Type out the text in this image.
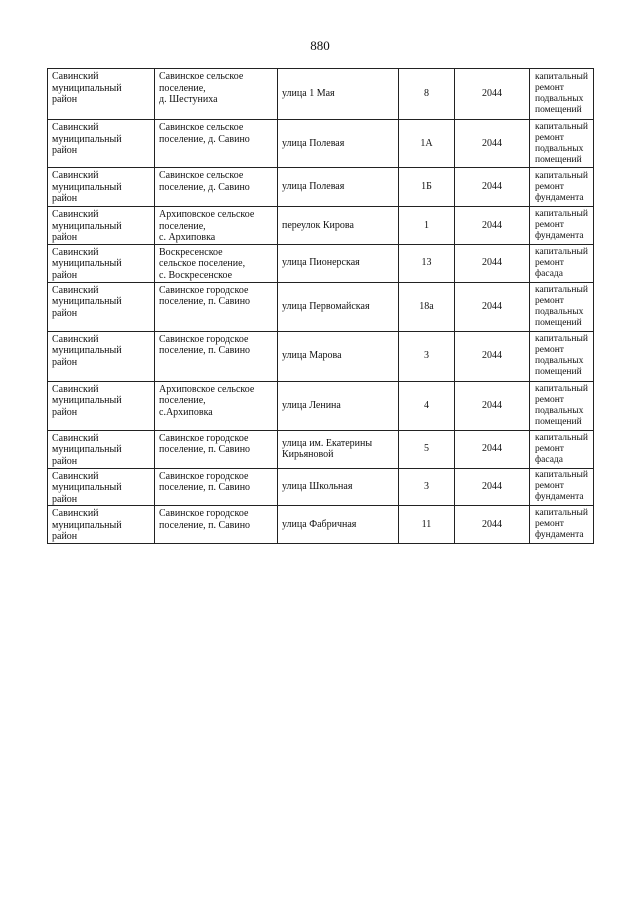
880
Савинский
муниципальный
район	Савинское сельское
поселение,
д. Шестуниха	улица 1 Мая	8	2044	капитальный
ремонт
подвальных
помещений

Савинский
муниципальный
район	Савинское сельское
поселение, д. Савино	улица Полевая	1А	2044	капитальный
ремонт
подвальных
помещений

Савинский
муниципальный
район	Савинское сельское
поселение, д. Савино	улица Полевая	1Б	2044	капитальный
ремонт
фундамента

Савинский
муниципальный
район	Архиповское сельское
поселение,
с. Архиповка	переулок Кирова	1	2044	капитальный
ремонт
фундамента

Савинский
муниципальный
район	Воскресенское
сельское поселение,
с. Воскресенское	улица Пионерская	13	2044	капитальный
ремонт фасада

Савинский
муниципальный
район	Савинское городское
поселение, п. Савино	улица Первомайская	18а	2044	капитальный
ремонт
подвальных
помещений

Савинский
муниципальный
район	Савинское городское
поселение, п. Савино	улица Марова	3	2044	капитальный
ремонт
подвальных
помещений

Савинский
муниципальный
район	Архиповское сельское
поселение,
с.Архиповка	улица Ленина	4	2044	капитальный
ремонт
подвальных
помещений

Савинский
муниципальный
район	Савинское городское
поселение, п. Савино	улица им. Екатерины
Кирьяновой	5	2044	капитальный
ремонт фасада

Савинский
муниципальный
район	Савинское городское
поселение, п. Савино	улица Школьная	3	2044	капитальный
ремонт
фундамента

Савинский
муниципальный
район	Савинское городское
поселение, п. Савино	улица Фабричная	11	2044	капитальный
ремонт
фундамента
